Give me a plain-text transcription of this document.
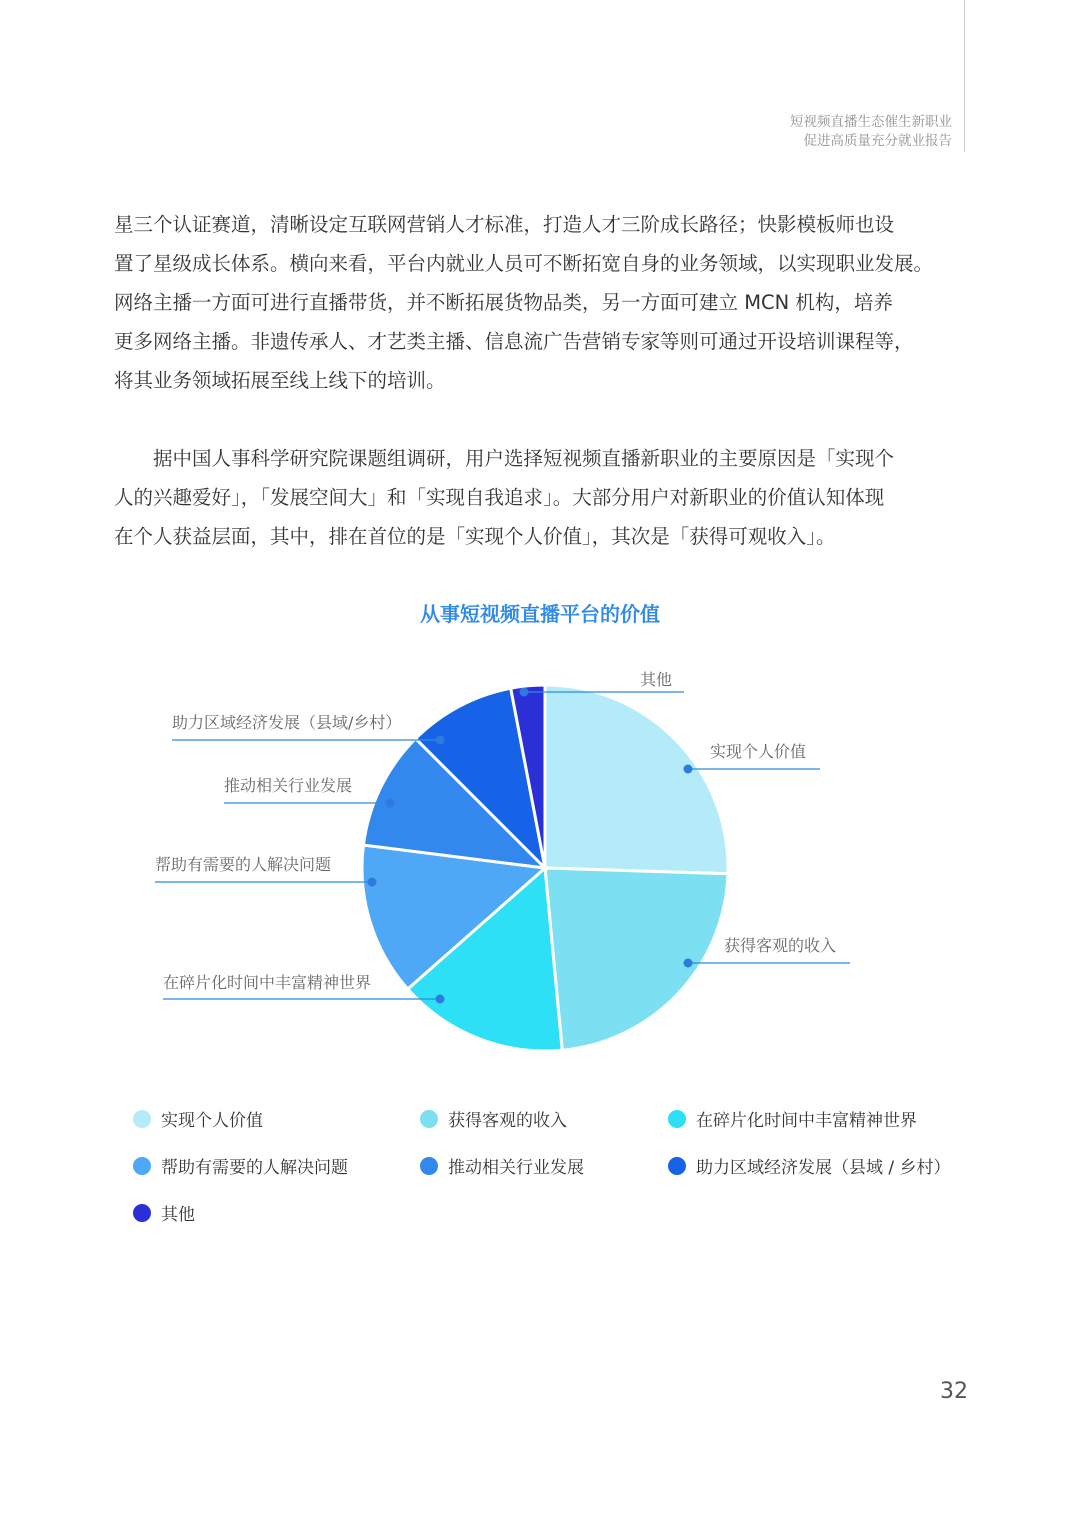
短视频直播生态催生新职业
促进高质量充分就业报告
星三个认证赛道，清晰设定互联网营销人才标准，打造人才三阶成长路径；快影模板师也设
置了星级成长体系。横向来看，平台内就业人员可不断拓宽自身的业务领域，以实现职业发展。
网络主播一方面可进行直播带货，并不断拓展货物品类，另一方面可建立 MCN 机构，培养
更多网络主播。非遗传承人、才艺类主播、信息流广告营销专家等则可通过开设培训课程等，
将其业务领域拓展至线上线下的培训。
　　据中国人事科学研究院课题组调研，用户选择短视频直播新职业的主要原因是「实现个
人的兴趣爱好」，「发展空间大」和「实现自我追求」。大部分用户对新职业的价值认知体现
在个人获益层面，其中，排在首位的是「实现个人价值」，其次是「获得可观收入」。
从事短视频直播平台的价值
实现个人价值
获得客观的收入
在碎片化时间中丰富精神世界
帮助有需要的人解决问题
推动相关行业发展
助力区域经济发展（县域/乡村）
其他
实现个人价值	获得客观的收入	在碎片化时间中丰富精神世界
帮助有需要的人解决问题	推动相关行业发展	助力区域经济发展（县域 / 乡村）
其他
32
